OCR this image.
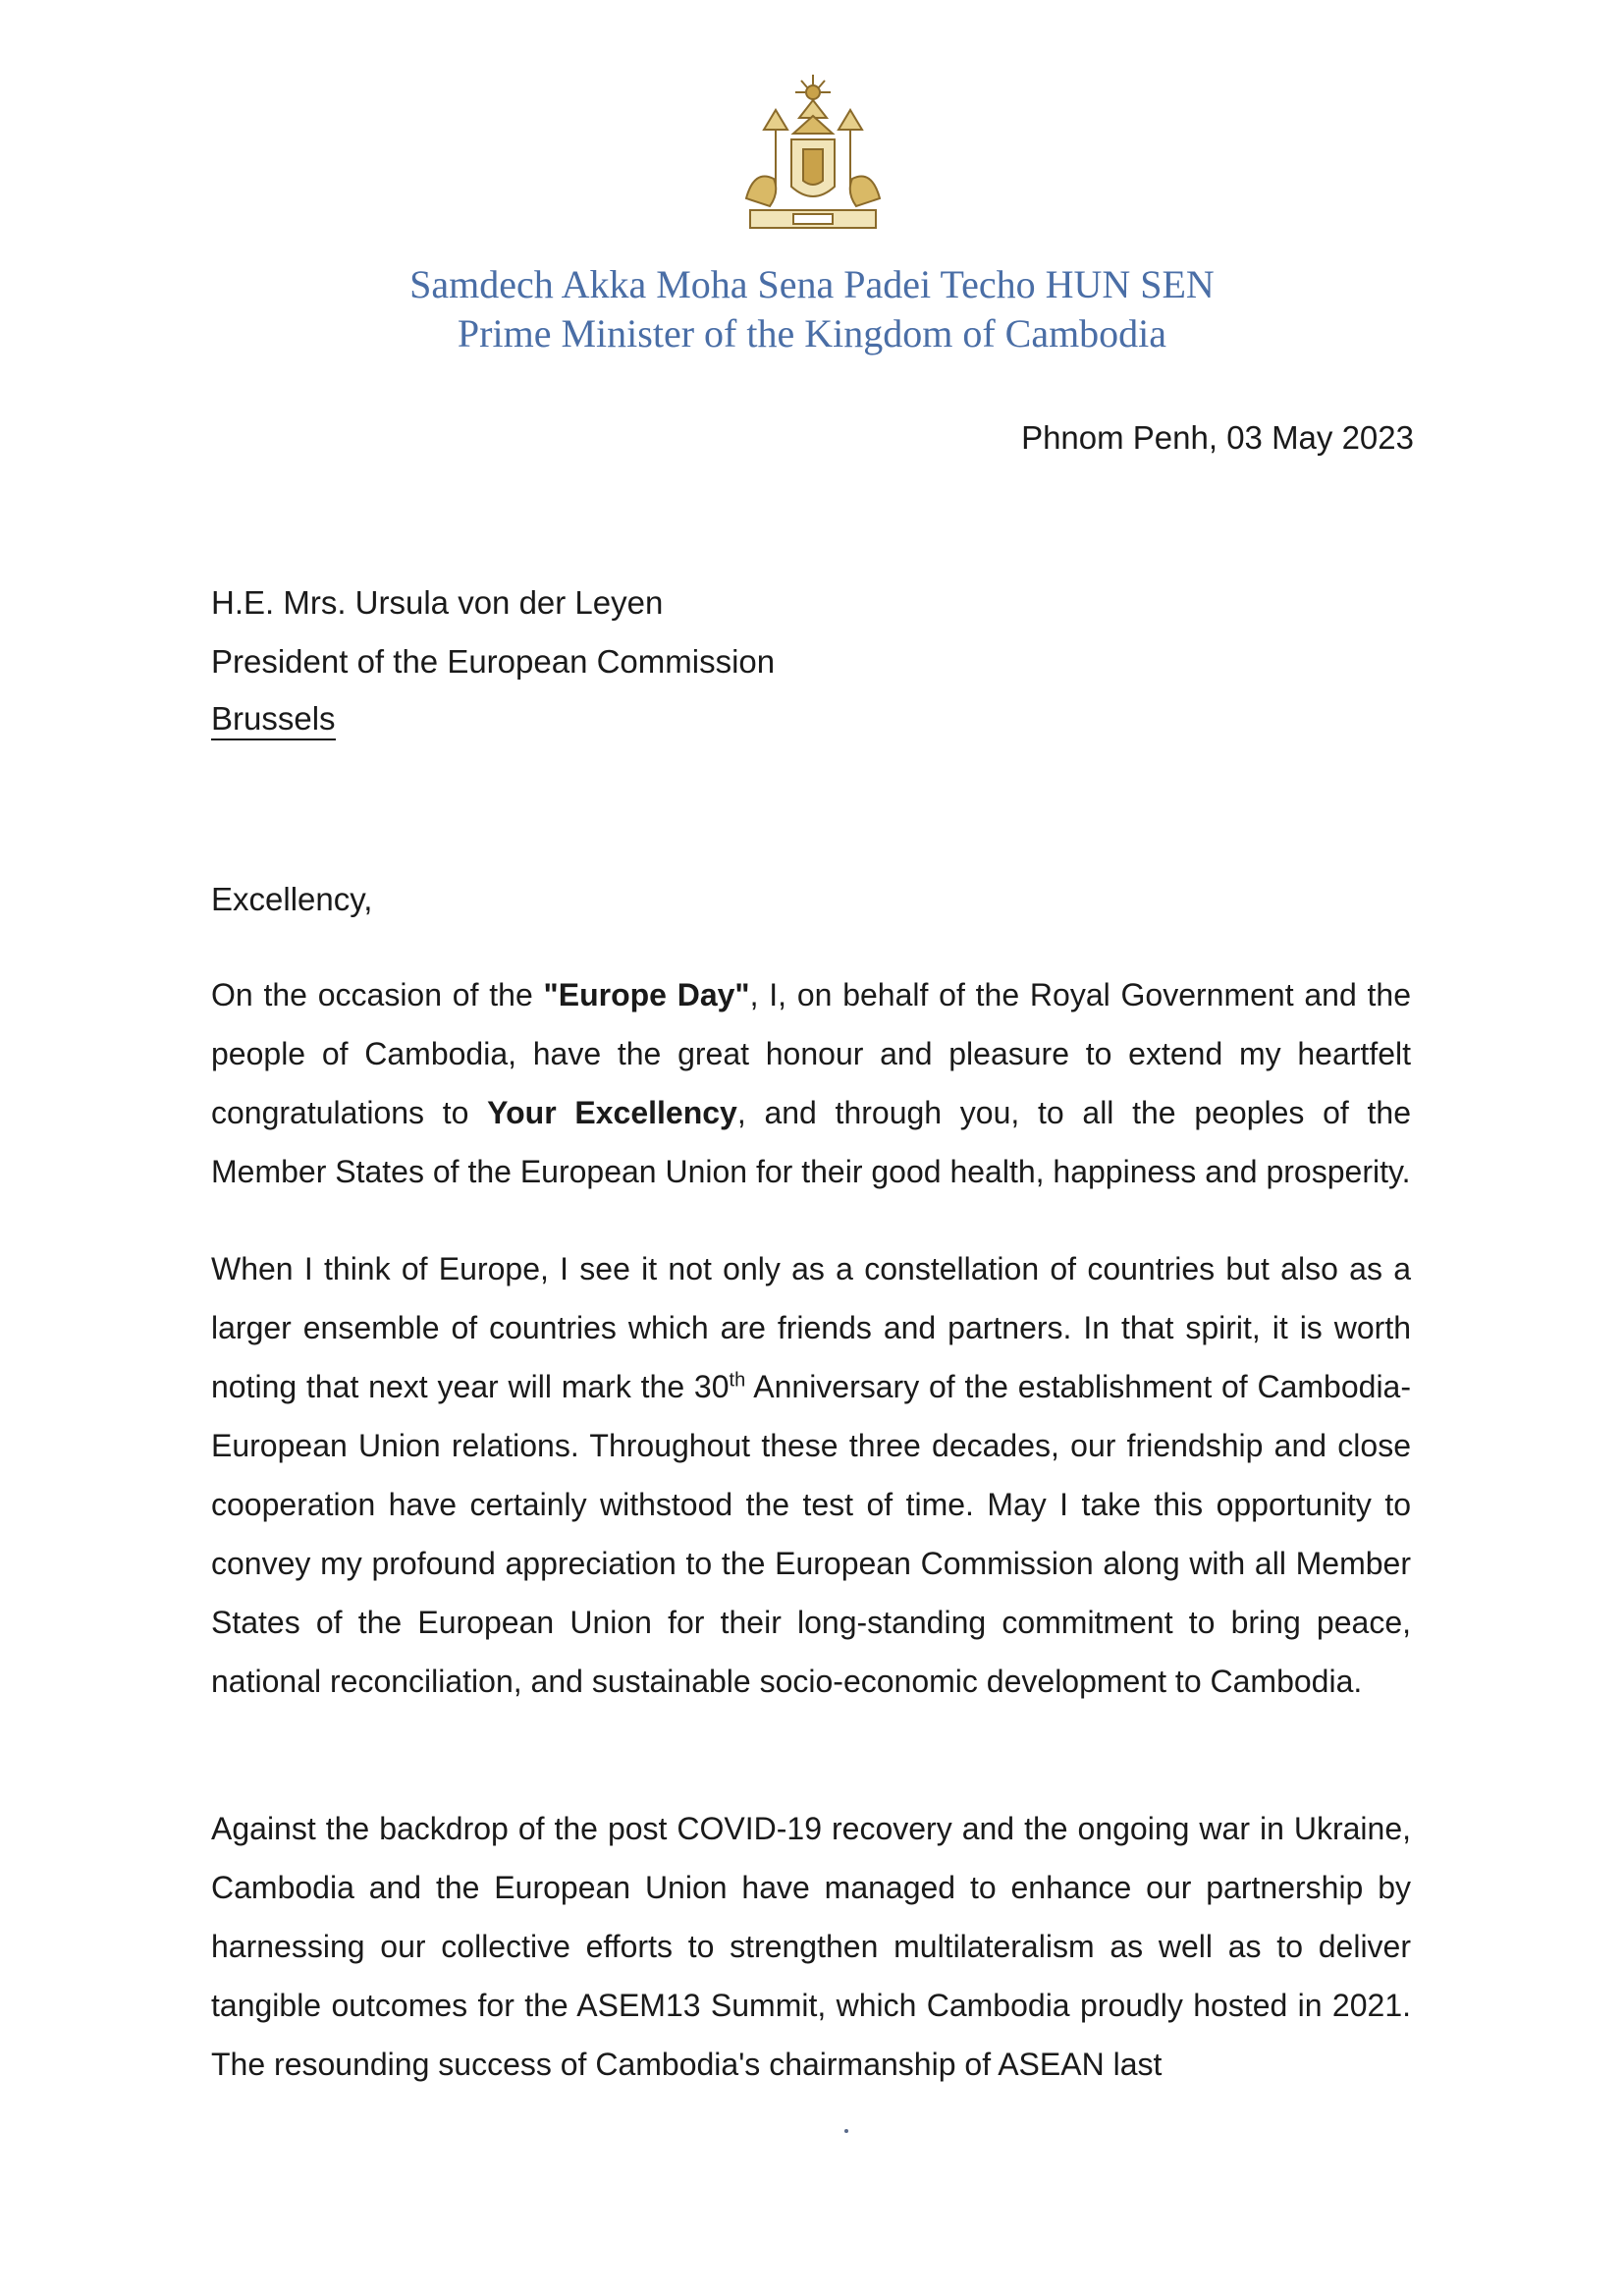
Samdech Akka Moha Sena Padei Techo HUN SEN
Prime Minister of the Kingdom of Cambodia
Phnom Penh, 03 May 2023
H.E. Mrs. Ursula von der Leyen
President of the European Commission
Brussels
Excellency,

On the occasion of the "Europe Day", I, on behalf of the Royal Government and the people of Cambodia, have the great honour and pleasure to extend my heartfelt congratulations to Your Excellency, and through you, to all the peoples of the Member States of the European Union for their good health, happiness and prosperity.

When I think of Europe, I see it not only as a constellation of countries but also as a larger ensemble of countries which are friends and partners. In that spirit, it is worth noting that next year will mark the 30th Anniversary of the establishment of Cambodia-European Union relations. Throughout these three decades, our friendship and close cooperation have certainly withstood the test of time. May I take this opportunity to convey my profound appreciation to the European Commission along with all Member States of the European Union for their long-standing commitment to bring peace, national reconciliation, and sustainable socio-economic development to Cambodia.

Against the backdrop of the post COVID-19 recovery and the ongoing war in Ukraine, Cambodia and the European Union have managed to enhance our partnership by harnessing our collective efforts to strengthen multilateralism as well as to deliver tangible outcomes for the ASEM13 Summit, which Cambodia proudly hosted in 2021. The resounding success of Cambodia's chairmanship of ASEAN last
